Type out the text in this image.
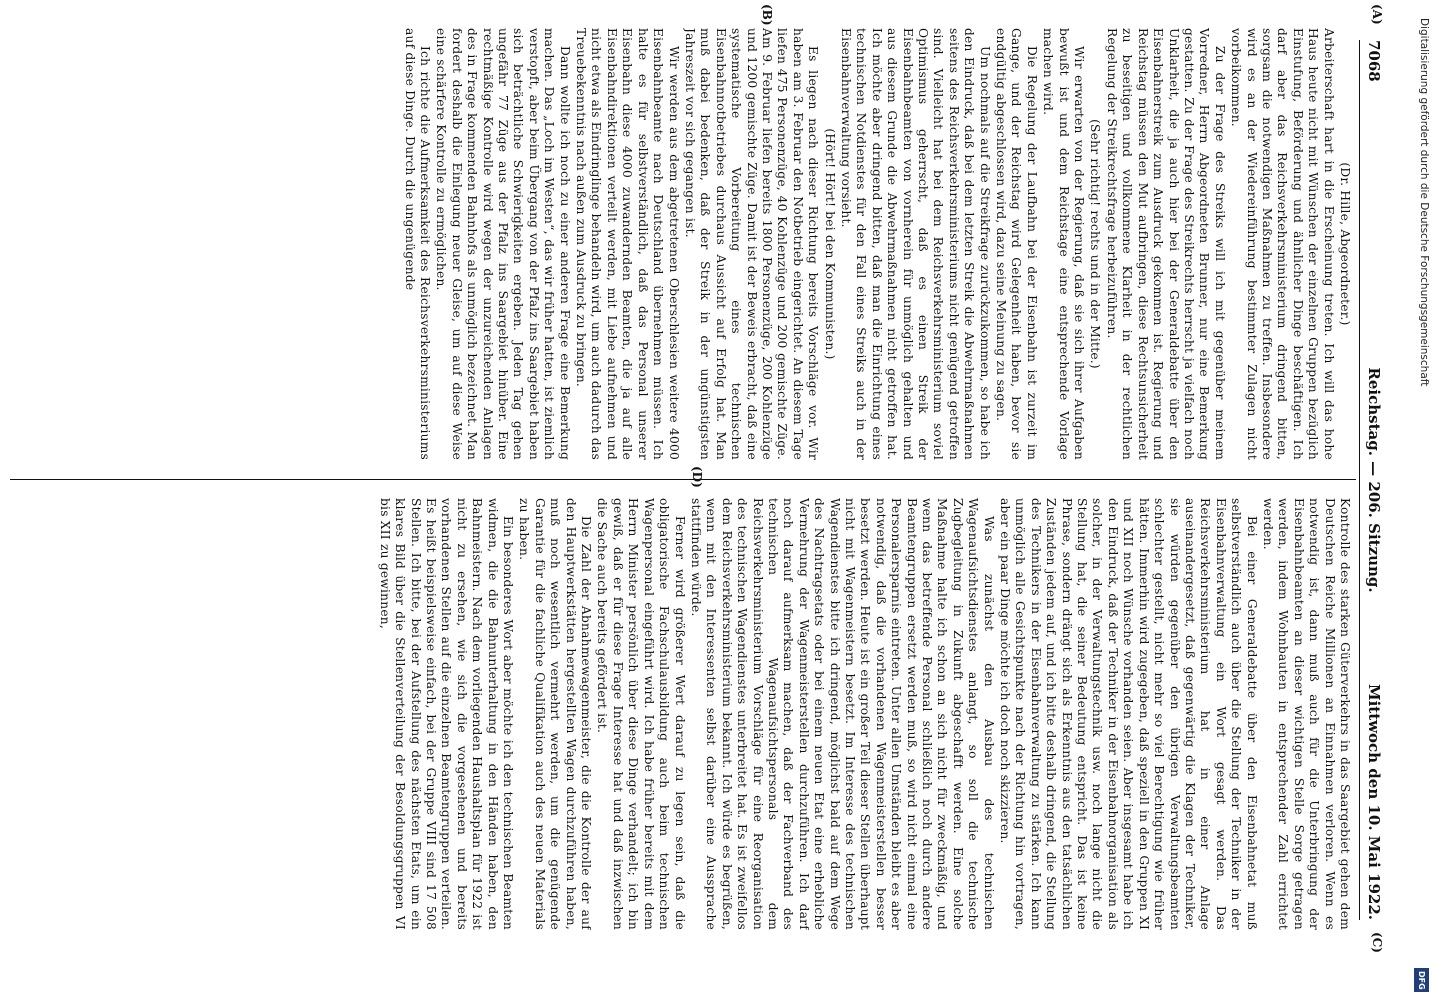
7068
Reichstag. — 206. Sitzung.
Mittwoch den 10. Mai 1922.
(A)
(B)
(C)
(D)

(Dr. Hille, Abgeordneter.)

Arbeiterschaft hart in die Erscheinung treten. Ich will das hohe Haus heute nicht mit Wünschen der einzelnen Gruppen bezüglich Einstufung, Beförderung und ähnlicher Dinge beschäftigen. Ich darf aber das Reichsverkehrsministerium dringend bitten, sorgsam die notwendigen Maßnahmen zu treffen. Insbesondere wird es an der Wiedereinführung bestimmter Zulagen nicht vorbeikommen.

Zu der Frage des Streiks will ich mit gegenüber meinem Vorredner, Herrn Abgeordneten Brunner, nur eine Bemerkung gestatten. Zu der Frage des Streikrechts herrscht ja vielfach noch Unklarheit, die ja auch hier bei der Generaldebatte über den Eisenbahnerstreik zum Ausdruck gekommen ist. Regierung und Reichstag müssen den Mut aufbringen, diese Rechtsunsicherheit zu beseitigen und vollkommene Klarheit in der rechtlichen Regelung der Streikrechtsfrage herbeizuführen.

(Sehr richtig! rechts und in der Mitte.)

Wir erwarten von der Regierung, daß sie sich ihrer Aufgaben bewußt ist und dem Reichstage eine entsprechende Vorlage machen wird.

Die Regelung der Laufbahn bei der Eisenbahn ist zurzeit im Gange, und der Reichstag wird Gelegenheit haben, bevor sie endgültig abgeschlossen wird, dazu seine Meinung zu sagen.

Um nochmals auf die Streikfrage zurückzukommen, so habe ich den Eindruck, daß bei dem letzten Streik die Abwehrmaßnahmen seitens des Reichsverkehrsministeriums nicht genügend getroffen sind. Vielleicht hat bei dem Reichsverkehrsministerium soviel Optimismus geherrscht, daß es einen Streik der Eisenbahnbeamten von vornherein für unmöglich gehalten und aus diesem Grunde die Abwehrmaßnahmen nicht getroffen hat. Ich möchte aber dringend bitten, daß man die Einrichtung eines technischen Notdienstes für den Fall eines Streiks auch in der Eisenbahnverwaltung vorsieht.

(Hört! Hört! bei den Kommunisten.)

Es liegen nach dieser Richtung bereits Vorschläge vor. Wir haben am 3. Februar den Notbetrieb eingerichtet. An diesem Tage liefen 475 Personenzüge, 40 Kohlenzüge und 200 gemischte Züge. Am 9. Februar liefen bereits 1800 Personenzüge, 200 Kohlenzüge und 1200 gemischte Züge. Damit ist der Beweis erbracht, daß eine systematische Vorbereitung eines technischen Eisenbahnnotbetriebes durchaus Aussicht auf Erfolg hat. Man muß dabei bedenken, daß der Streik in der ungünstigsten Jahreszeit vor sich gegangen ist.

Wir werden aus dem abgetretenen Oberschlesien weitere 4000 Eisenbahnbeamte nach Deutschland übernehmen müssen. Ich halte es für selbstverständlich, daß das Personal unserer Eisenbahn diese 4000 zuwandernden Beamten, die ja auf alle Eisenbahndirektionen verteilt werden, mit Liebe aufnehmen und nicht etwa als Eindringlinge behandeln wird, um auch dadurch das Treuebekenntnis nach außen zum Ausdruck zu bringen.

Dann wollte ich noch zu einer anderen Frage eine Bemerkung machen. Das „Loch im Westen“, das wir früher hatten, ist ziemlich verstopft, aber beim Übergang von der Pfalz ins Saargebiet haben sich beträchtliche Schwierigkeiten ergeben. Jeden Tag gehen ungefähr 77 Züge aus der Pfalz ins Saargebiet hinüber. Eine rechtmäßige Kontrolle wird wegen der unzureichenden Anlagen des in Frage kommenden Bahnhofs als unmöglich bezeichnet. Man fordert deshalb die Einlegung neuer Gleise, um auf diese Weise eine schärfere Kontrolle zu ermöglichen.

Ich richte die Aufmerksamkeit des Reichsverkehrsministeriums auf diese Dinge. Durch die ungenügende

Kontrolle des starken Güterverkehrs in das Saargebiet gehen dem Deutschen Reiche Millionen an Einnahmen verloren. Wenn es notwendig ist, dann muß auch für die Unterbringung der Eisenbahnbeamten an dieser wichtigen Stelle Sorge getragen werden, indem Wohnbauten in entsprechender Zahl errichtet werden.

Bei einer Generaldebatte über den Eisenbahnetat muß selbstverständlich auch über die Stellung der Techniker in der Eisenbahnverwaltung ein Wort gesagt werden. Das Reichsverkehrsministerium hat in einer Anlage auseinandergesetzt, daß gegenwärtig die Klagen der Techniker, sie würden gegenüber den übrigen Verwaltungsbeamten schlechter gestellt, nicht mehr so viel Berechtigung wie früher hätten. Immerhin wird zugegeben, daß speziell in den Gruppen XI und XII noch Wünsche vorhanden seien. Aber insgesamt habe ich den Eindruck, daß der Techniker in der Eisenbahnorganisation als solcher, in der Verwaltungstechnik usw. noch lange nicht die Stellung hat, die seiner Bedeutung entspricht. Das ist keine Phrase, sondern drängt sich als Erkenntnis aus den tatsächlichen Zuständen jedem auf, und ich bitte deshalb dringend, die Stellung des Technikers in der Eisenbahnverwaltung zu stärken. Ich kann unmöglich alle Gesichtspunkte nach der Richtung hin vortragen, aber ein paar Dinge möchte ich doch noch skizzieren.

Was zunächst den Ausbau des technischen Wagenaufsichtsdienstes anlangt, so soll die technische Zugbegleitung in Zukunft abgeschafft werden. Eine solche Maßnahme halte ich schon an sich nicht für zweckmäßig, und wenn das betreffende Personal schließlich noch durch andere Beamtengruppen ersetzt werden muß, so wird nicht einmal eine Personalersparnis eintreten. Unter allen Umständen bleibt es aber notwendig, daß die vorhandenen Wagenmeisterstellen besser besetzt werden. Heute ist ein großer Teil dieser Stellen überhaupt nicht mit Wagenmeistern besetzt. Im Interesse des technischen Wagendienstes bitte ich dringend, möglichst bald auf dem Wege des Nachtragsetats oder bei einem neuen Etat eine erhebliche Vermehrung der Wagenmeisterstellen durchzuführen. Ich darf noch darauf aufmerksam machen, daß der Fachverband des technischen Wagenaufsichtspersonals dem Reichsverkehrsministerium Vorschläge für eine Reorganisation des technischen Wagendienstes unterbreitet hat. Es ist zweifellos dem Reichsverkehrsministerium bekannt. Ich würde es begrüßen, wenn mit den Interessenten selbst darüber eine Aussprache stattfinden würde.

Ferner wird größerer Wert darauf zu legen sein, daß die obligatorische Fachschulausbildung auch beim technischen Wagenpersonal eingeführt wird. Ich habe früher bereits mit dem Herrn Minister persönlich über diese Dinge verhandelt; ich bin gewiß, daß er für diese Frage Interesse hat und daß inzwischen die Sache auch bereits gefördert ist.

Die Zahl der Abnahmewagenmeister, die die Kontrolle der auf den Hauptwerkstätten hergestellten Wagen durchzuführen haben, muß noch wesentlich vermehrt werden, um die genügende Garantie für die fachliche Qualifikation auch des neuen Materials zu haben.

Ein besonderes Wort aber möchte ich den technischen Beamten widmen, die die Bahnunterhaltung in den Händen haben, den Bahnmeistern. Nach dem vorliegenden Haushaltsplan für 1922 ist nicht zu ersehen, wie sich die vorgesehenen und bereits vorhandenen Stellen auf die einzelnen Beamtengruppen verteilen. Es heißt beispielsweise einfach, bei der Gruppe VIII sind 17 508 Stellen. Ich bitte, bei der Aufstellung des nächsten Etats, um ein klares Bild über die Stellenverteilung der Besoldungsgruppen VI bis XII zu gewinnen,

Digitalisierung gefördert durch die Deutsche Forschungsgemeinschaft
DFG
